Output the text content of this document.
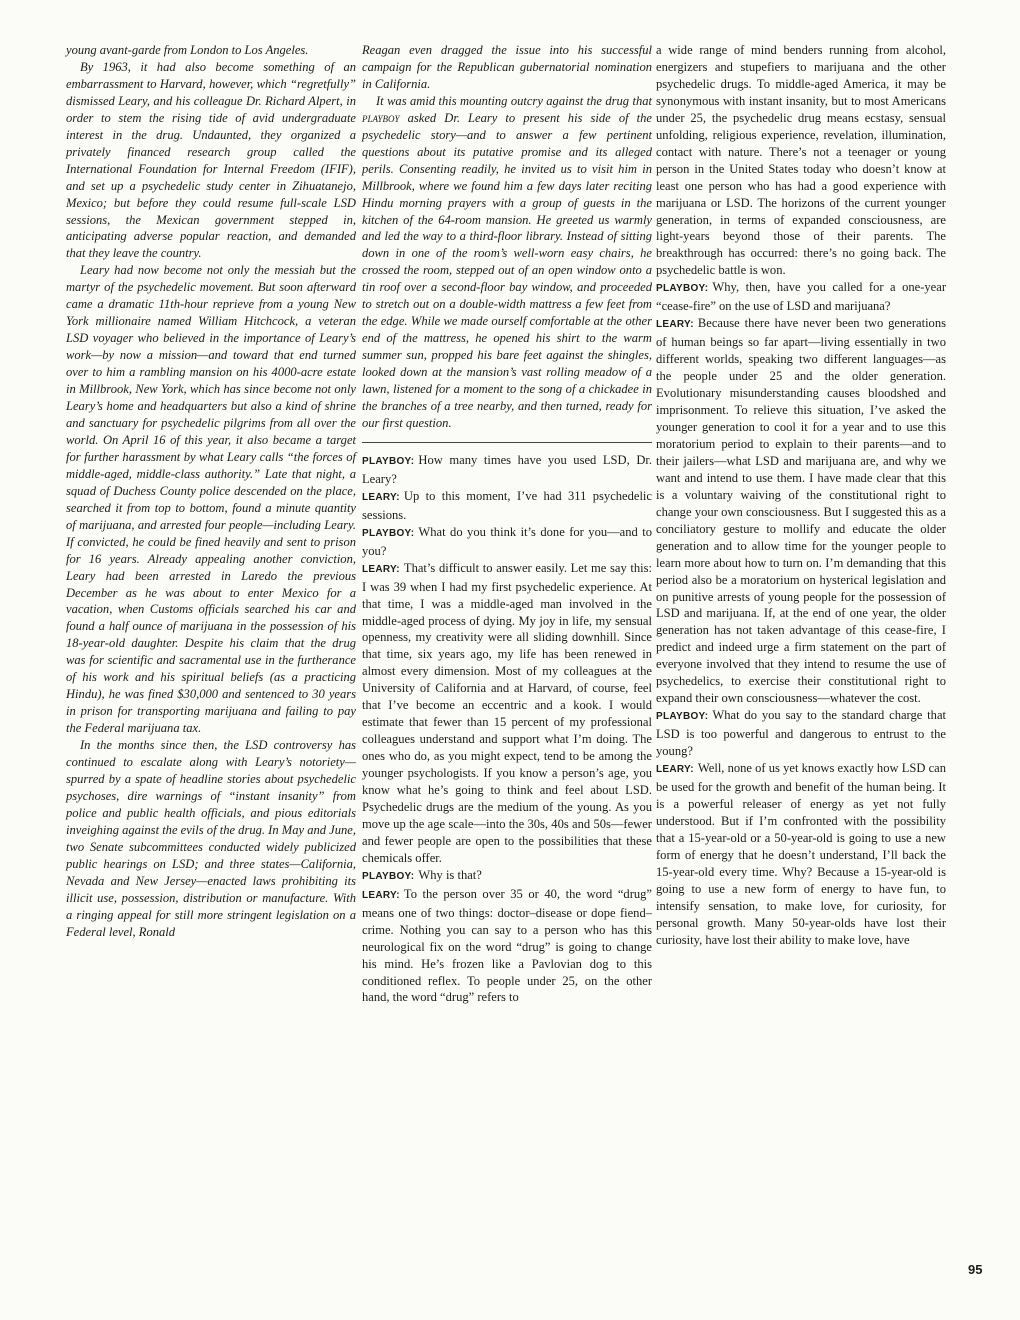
young avant-garde from London to Los Angeles.

By 1963, it had also become something of an embarrassment to Harvard, however, which “regretfully” dismissed Leary, and his colleague Dr. Richard Alpert, in order to stem the rising tide of avid undergraduate interest in the drug. Undaunted, they organized a privately financed research group called the International Foundation for Internal Freedom (IFIF), and set up a psychedelic study center in Zihuatanejo, Mexico; but before they could resume full-scale LSD sessions, the Mexican government stepped in, anticipating adverse popular reaction, and demanded that they leave the country.

Leary had now become not only the messiah but the martyr of the psychedelic movement. But soon afterward came a dramatic 11th-hour reprieve from a young New York millionaire named William Hitchcock, a veteran LSD voyager who believed in the importance of Leary’s work—by now a mission—and toward that end turned over to him a rambling mansion on his 4000-acre estate in Millbrook, New York, which has since become not only Leary’s home and headquarters but also a kind of shrine and sanctuary for psychedelic pilgrims from all over the world. On April 16 of this year, it also became a target for further harassment by what Leary calls “the forces of middle-aged, middle-class authority.” Late that night, a squad of Duchess County police descended on the place, searched it from top to bottom, found a minute quantity of marijuana, and arrested four people—including Leary. If convicted, he could be fined heavily and sent to prison for 16 years. Already appealing another conviction, Leary had been arrested in Laredo the previous December as he was about to enter Mexico for a vacation, when Customs officials searched his car and found a half ounce of marijuana in the possession of his 18-year-old daughter. Despite his claim that the drug was for scientific and sacramental use in the furtherance of his work and his spiritual beliefs (as a practicing Hindu), he was fined $30,000 and sentenced to 30 years in prison for transporting marijuana and failing to pay the Federal marijuana tax.

In the months since then, the LSD controversy has continued to escalate along with Leary’s notoriety—spurred by a spate of headline stories about psychedelic psychoses, dire warnings of “instant insanity” from police and public health officials, and pious editorials inveighing against the evils of the drug. In May and June, two Senate subcommittees conducted widely publicized public hearings on LSD; and three states—California, Nevada and New Jersey—enacted laws prohibiting its illicit use, possession, distribution or manufacture. With a ringing appeal for still more stringent legislation on a Federal level, Ronald

Reagan even dragged the issue into his successful campaign for the Republican gubernatorial nomination in California.

It was amid this mounting outcry against the drug that playboy asked Dr. Leary to present his side of the psychedelic story—and to answer a few pertinent questions about its putative promise and its alleged perils. Consenting readily, he invited us to visit him in Millbrook, where we found him a few days later reciting Hindu morning prayers with a group of guests in the kitchen of the 64-room mansion. He greeted us warmly and led the way to a third-floor library. Instead of sitting down in one of the room’s well-worn easy chairs, he crossed the room, stepped out of an open window onto a tin roof over a second-floor bay window, and proceeded to stretch out on a double-width mattress a few feet from the edge. While we made ourself comfortable at the other end of the mattress, he opened his shirt to the warm summer sun, propped his bare feet against the shingles, looked down at the mansion’s vast rolling meadow of a lawn, listened for a moment to the song of a chickadee in the branches of a tree nearby, and then turned, ready for our first question.

PLAYBOY: How many times have you used LSD, Dr. Leary?

LEARY: Up to this moment, I’ve had 311 psychedelic sessions.

PLAYBOY: What do you think it’s done for you—and to you?

LEARY: That’s difficult to answer easily. Let me say this: I was 39 when I had my first psychedelic experience. At that time, I was a middle-aged man involved in the middle-aged process of dying. My joy in life, my sensual openness, my creativity were all sliding downhill. Since that time, six years ago, my life has been renewed in almost every dimension. Most of my colleagues at the University of California and at Harvard, of course, feel that I’ve become an eccentric and a kook. I would estimate that fewer than 15 percent of my professional colleagues understand and support what I’m doing. The ones who do, as you might expect, tend to be among the younger psychologists. If you know a person’s age, you know what he’s going to think and feel about LSD. Psychedelic drugs are the medium of the young. As you move up the age scale—into the 30s, 40s and 50s—fewer and fewer people are open to the possibilities that these chemicals offer.

PLAYBOY: Why is that?

LEARY: To the person over 35 or 40, the word “drug” means one of two things: doctor–disease or dope fiend–crime. Nothing you can say to a person who has this neurological fix on the word “drug” is going to change his mind. He’s frozen like a Pavlovian dog to this conditioned reflex. To people under 25, on the other hand, the word “drug” refers to

a wide range of mind benders running from alcohol, energizers and stupefiers to marijuana and the other psychedelic drugs. To middle-aged America, it may be synonymous with instant insanity, but to most Americans under 25, the psychedelic drug means ecstasy, sensual unfolding, religious experience, revelation, illumination, contact with nature. There’s not a teenager or young person in the United States today who doesn’t know at least one person who has had a good experience with marijuana or LSD. The horizons of the current younger generation, in terms of expanded consciousness, are light-years beyond those of their parents. The breakthrough has occurred: there’s no going back. The psychedelic battle is won.

PLAYBOY: Why, then, have you called for a one-year “cease-fire” on the use of LSD and marijuana?

LEARY: Because there have never been two generations of human beings so far apart—living essentially in two different worlds, speaking two different languages—as the people under 25 and the older generation. Evolutionary misunderstanding causes bloodshed and imprisonment. To relieve this situation, I’ve asked the younger generation to cool it for a year and to use this moratorium period to explain to their parents—and to their jailers—what LSD and marijuana are, and why we want and intend to use them. I have made clear that this is a voluntary waiving of the constitutional right to change your own consciousness. But I suggested this as a conciliatory gesture to mollify and educate the older generation and to allow time for the younger people to learn more about how to turn on. I’m demanding that this period also be a moratorium on hysterical legislation and on punitive arrests of young people for the possession of LSD and marijuana. If, at the end of one year, the older generation has not taken advantage of this cease-fire, I predict and indeed urge a firm statement on the part of everyone involved that they intend to resume the use of psychedelics, to exercise their constitutional right to expand their own consciousness—whatever the cost.

PLAYBOY: What do you say to the standard charge that LSD is too powerful and dangerous to entrust to the young?

LEARY: Well, none of us yet knows exactly how LSD can be used for the growth and benefit of the human being. It is a powerful releaser of energy as yet not fully understood. But if I’m confronted with the possibility that a 15-year-old or a 50-year-old is going to use a new form of energy that he doesn’t understand, I’ll back the 15-year-old every time. Why? Because a 15-year-old is going to use a new form of energy to have fun, to intensify sensation, to make love, for curiosity, for personal growth. Many 50-year-olds have lost their curiosity, have lost their ability to make love, have

95
